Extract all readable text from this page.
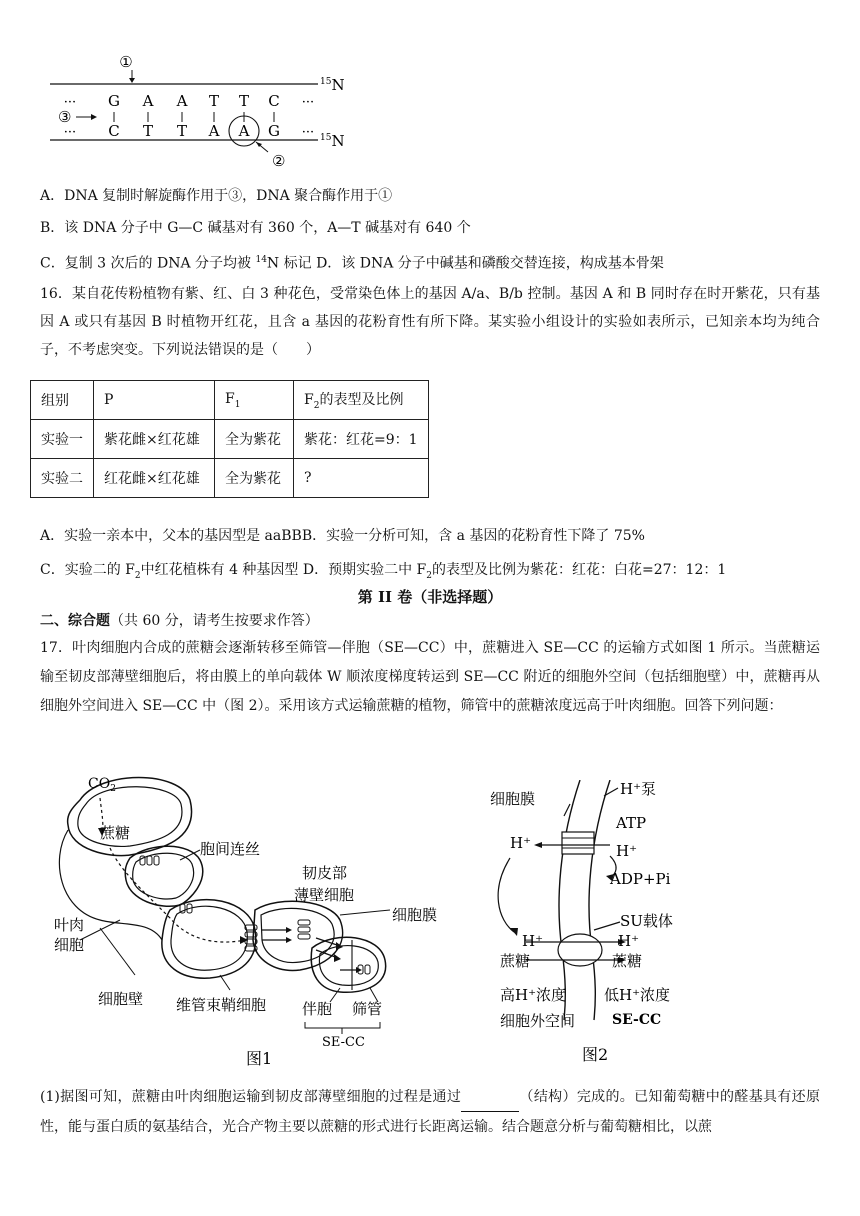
①
$^{15}$N
$^{15}$N
···
···
···
···
G A A T T C
C T T A A G
③
②
A．DNA 复制时解旋酶作用于③，DNA 聚合酶作用于①
B．该 DNA 分子中 G—C 碱基对有 360 个，A—T 碱基对有 640 个
C．复制 3 次后的 DNA 分子均被 $^{14}$N 标记 D．该 DNA 分子中碱基和磷酸交替连接，构成基本骨架
16．某自花传粉植物有紫、红、白 3 种花色，受常染色体上的基因 A/a、B/b 控制。基因 A 和 B 同时存在时开紫花，只有基因 A 或只有基因 B 时植物开红花，且含 a 基因的花粉育性有所下降。某实验小组设计的实验如表所示，已知亲本均为纯合子，不考虑突变。下列说法错误的是（　　）
组别	P	$F_1$	$F_2$的表型及比例
实验一	紫花雌×红花雄	全为紫花	紫花：红花=9：1
实验二	红花雌×红花雄	全为紫花	?
A．实验一亲本中，父本的基因型是 aaBBB．实验一分析可知，含 a 基因的花粉育性下降了 75%
C．实验二的 $F_2$中红花植株有 4 种基因型 D．预期实验二中 $F_2$的表型及比例为紫花：红花：白花=27：12：1
第 II 卷（非选择题）
二、综合题（共 60 分，请考生按要求作答）
17．叶肉细胞内合成的蔗糖会逐渐转移至筛管—伴胞（SE—CC）中，蔗糖进入 SE—CC 的运输方式如图 1 所示。当蔗糖运输至韧皮部薄壁细胞后，将由膜上的单向载体 W 顺浓度梯度转运到 SE—CC 附近的细胞外空间（包括细胞壁）中，蔗糖再从细胞外空间进入 SE—CC 中（图 2）。采用该方式运输蔗糖的植物，筛管中的蔗糖浓度远高于叶肉细胞。回答下列问题：
$CO_2$
蔗糖
胞间连丝
韧皮部
薄壁细胞
细胞膜
叶肉
细胞
细胞壁 维管束鞘细胞 伴胞 筛管
SE-CC
图1
细胞膜
H⁺泵
ATP
H⁺	H⁺
ADP+Pi
SU载体
H⁺	H⁺
蔗糖	蔗糖
高H⁺浓度	低H⁺浓度
细胞外空间	SE-CC
图2
(1)据图可知，蔗糖由叶肉细胞运输到韧皮部薄壁细胞的过程是通过	（结构）完成的。已知葡萄糖中的醛基具有还原性，能与蛋白质的氨基结合，光合产物主要以蔗糖的形式进行长距离运输。结合题意分析与葡萄糖相比，以蔗
